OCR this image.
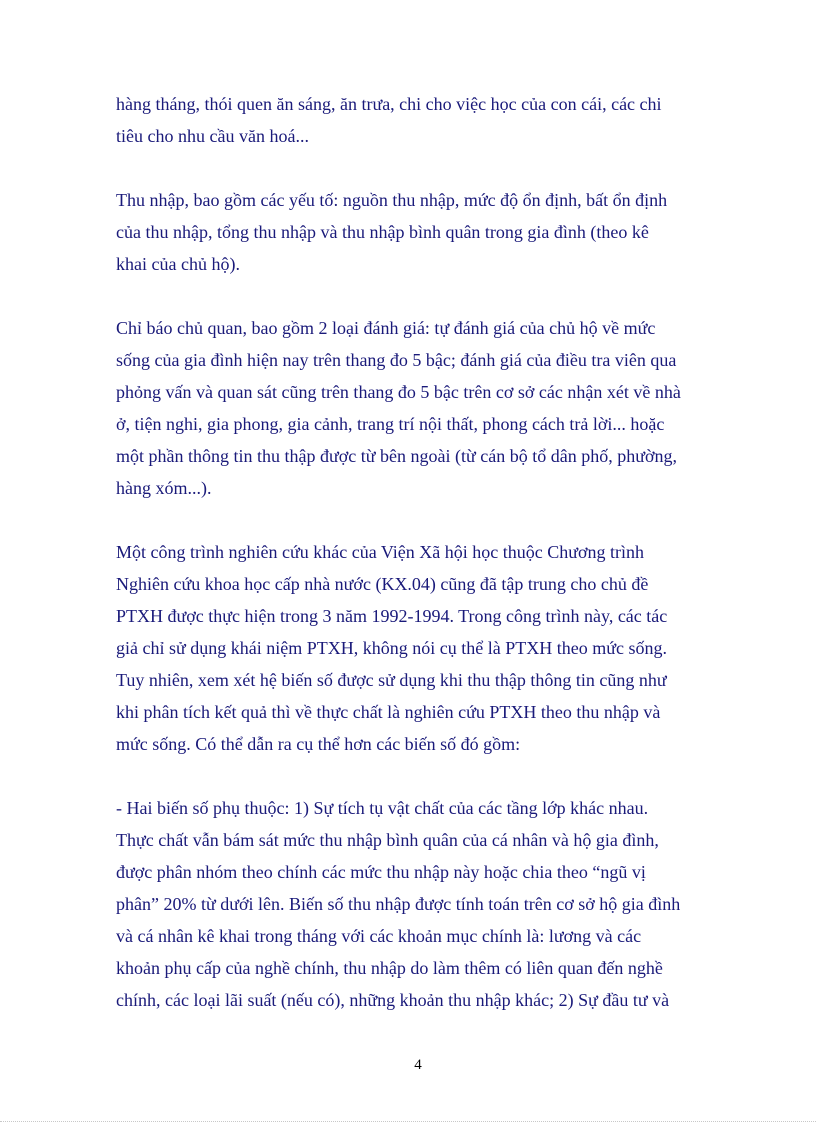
hàng tháng, thói quen ăn sáng, ăn trưa, chi cho việc học của con cái, các chi
tiêu cho nhu cầu văn hoá...

Thu nhập, bao gồm các yếu tố: nguồn thu nhập, mức độ ổn định, bất ổn định
của thu nhập, tổng thu nhập và thu nhập bình quân trong gia đình (theo kê
khai của chủ hộ).

Chỉ báo chủ quan, bao gồm 2 loại đánh giá: tự đánh giá của chủ hộ về mức
sống của gia đình hiện nay trên thang đo 5 bậc; đánh giá của điều tra viên qua
phỏng vấn và quan sát cũng trên thang đo 5 bậc trên cơ sở các nhận xét về nhà
ở, tiện nghi, gia phong, gia cảnh, trang trí nội thất, phong cách trả lời... hoặc
một phần thông tin thu thập được từ bên ngoài (từ cán bộ tổ dân phố, phường,
hàng xóm...).

Một công trình nghiên cứu khác của Viện Xã hội học thuộc Chương trình
Nghiên cứu khoa học cấp nhà nước (KX.04) cũng đã tập trung cho chủ đề
PTXH được thực hiện trong 3 năm 1992-1994. Trong công trình này, các tác
giả chỉ sử dụng khái niệm PTXH, không nói cụ thể là PTXH theo mức sống.
Tuy nhiên, xem xét hệ biến số được sử dụng khi thu thập thông tin cũng như
khi phân tích kết quả thì về thực chất là nghiên cứu PTXH theo thu nhập và
mức sống. Có thể dẫn ra cụ thể hơn các biến số đó gồm:

- Hai biến số phụ thuộc: 1) Sự tích tụ vật chất của các tầng lớp khác nhau.
Thực chất vẫn bám sát mức thu nhập bình quân của cá nhân và hộ gia đình,
được phân nhóm theo chính các mức thu nhập này hoặc chia theo “ngũ vị
phân” 20% từ dưới lên. Biến số thu nhập được tính toán trên cơ sở hộ gia đình
và cá nhân kê khai trong tháng với các khoản mục chính là: lương và các
khoản phụ cấp của nghề chính, thu nhập do làm thêm có liên quan đến nghề
chính, các loại lãi suất (nếu có), những khoản thu nhập khác; 2) Sự đầu tư và

4
